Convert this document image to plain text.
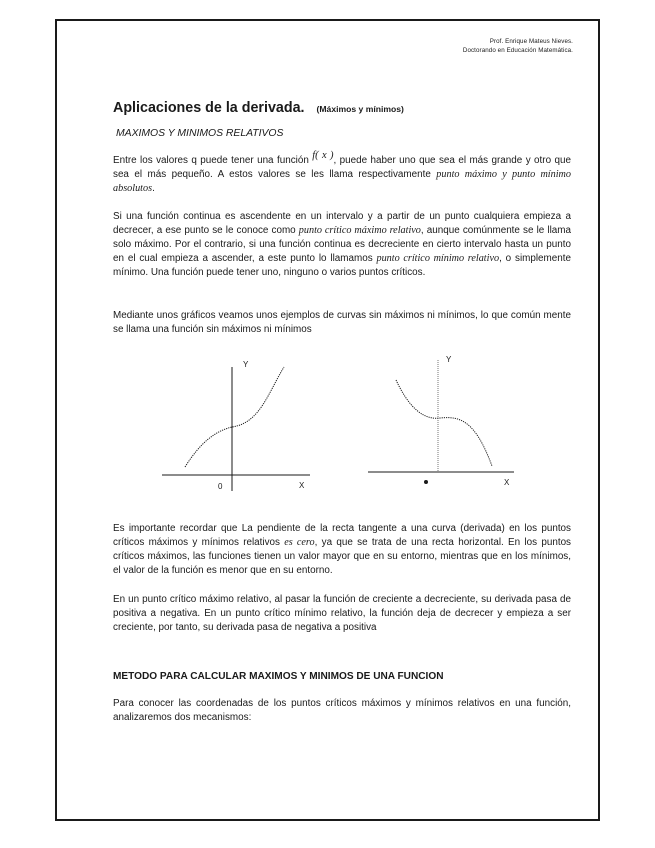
Prof. Enrique Mateus Nieves.
Doctorando en Educación Matemática.
Aplicaciones de la derivada. (Máximos y mínimos)
MAXIMOS Y MINIMOS RELATIVOS

Entre los valores q puede tener una función f( x ), puede haber uno que sea el más grande y otro que sea el más pequeño. A estos valores se les llama respectivamente punto máximo y punto mínimo absolutos.

Si una función continua es ascendente en un intervalo y a partir de un punto cualquiera empieza a decrecer, a ese punto se le conoce como punto crítico máximo relativo, aunque comúnmente se le llama solo máximo. Por el contrario, si una función continua es decreciente en cierto intervalo hasta un punto en el cual empieza a ascender, a este punto lo llamamos punto crítico mínimo relativo, o simplemente mínimo. Una función puede tener uno, ninguno o varios puntos críticos.

Mediante unos gráficos veamos unos ejemplos de curvas sin máximos ni mínimos, lo que común mente se llama una función sin máximos ni mínimos

Y
X
0
Y
X

Es importante recordar que La pendiente de la recta tangente a una curva (derivada) en los puntos críticos máximos y mínimos relativos es cero, ya que se trata de una recta horizontal. En los puntos críticos máximos, las funciones tienen un valor mayor que en su entorno, mientras que en los mínimos, el valor de la función es menor que en su entorno.

En un punto crítico máximo relativo, al pasar la función de creciente a decreciente, su derivada pasa de positiva a negativa. En un punto crítico mínimo relativo, la función deja de decrecer y empieza a ser creciente, por tanto, su derivada pasa de negativa a positiva

METODO PARA CALCULAR MAXIMOS Y MINIMOS DE UNA FUNCION

Para conocer las coordenadas de los puntos críticos máximos y mínimos relativos en una función, analizaremos dos mecanismos:
